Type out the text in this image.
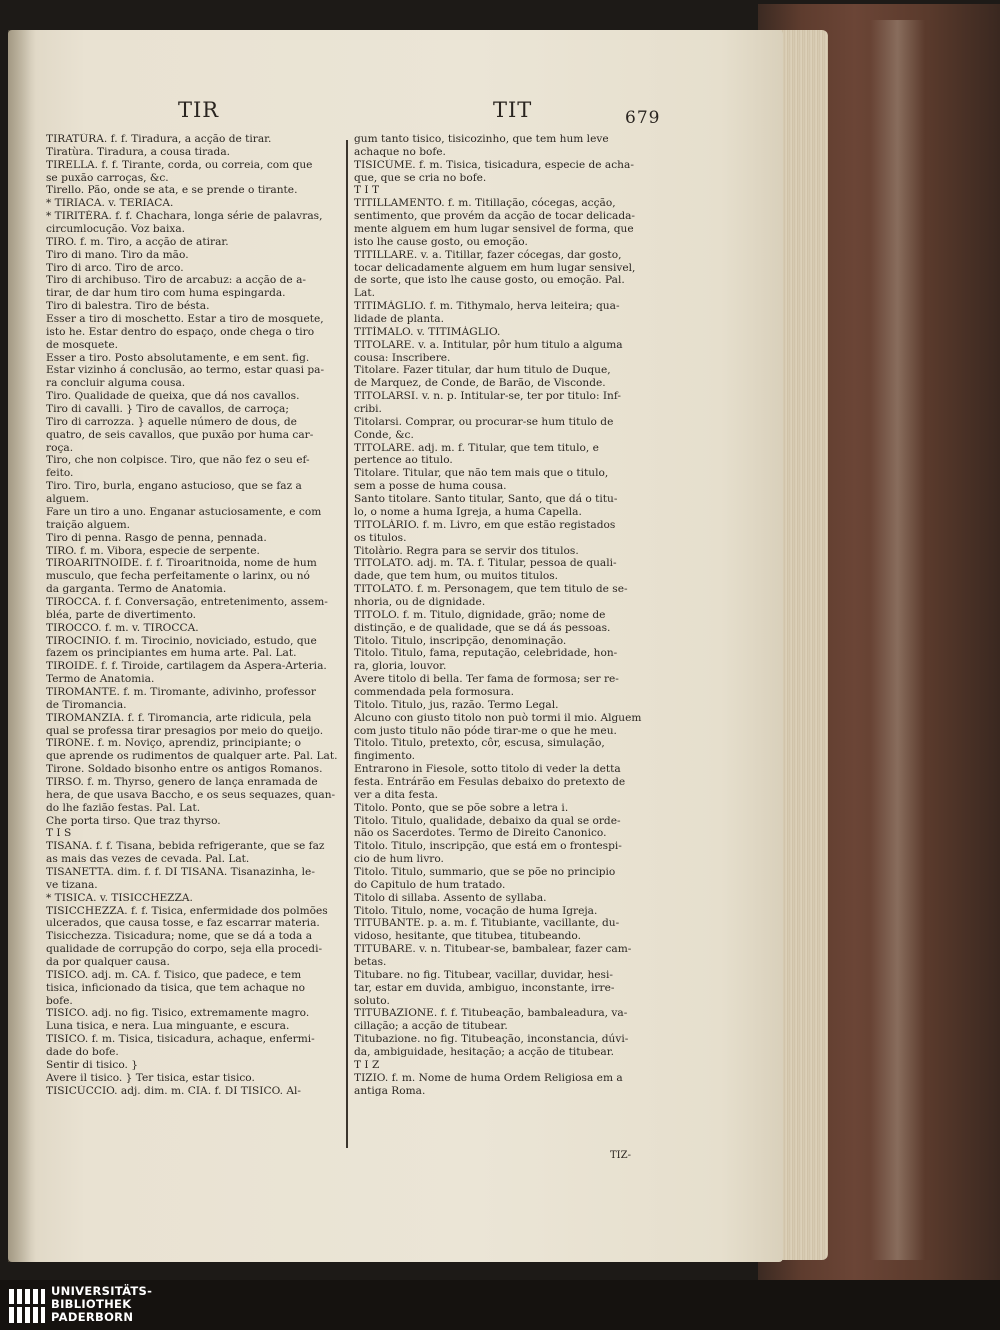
TIR	TIT	679
TIRATÙRA. f. f. Tiradura, a acção de tirar.
Tiratùra. Tiradura, a cousa tirada.
TIRELLA. f. f. Tirante, corda, ou correia, com que
se puxão carroças, &c.
Tirello. Pão, onde se ata, e se prende o tirante.
* TIRIACA. v. TERIACA.
* TIRITÈRA. f. f. Chachara, longa série de palavras,
circumlocução. Voz baixa.
TIRO. f. m. Tiro, a acção de atirar.
Tiro di mano. Tiro da mão.
Tiro di arco. Tiro de arco.
Tiro di archibuso. Tiro de arcabuz: a acção de a-
tirar, de dar hum tiro com huma espingarda.
Tiro di balestra. Tiro de bésta.
Esser a tiro di moschetto. Estar a tiro de mosquete,
isto he. Estar dentro do espaço, onde chega o tiro
de mosquete.
Esser a tiro. Posto absolutamente, e em sent. fig.
Estar vizinho á conclusão, ao termo, estar quasi pa-
ra concluir alguma cousa.
Tiro. Qualidade de queixa, que dá nos cavallos.
Tiro di cavalli. } Tiro de cavallos, de carroça;
Tiro di carrozza. } aquelle número de dous, de
quatro, de seis cavallos, que puxão por huma car-
roça.
Tiro, che non colpisce. Tiro, que não fez o seu ef-
feito.
Tiro. Tiro, burla, engano astucioso, que se faz a
alguem.
Fare un tiro a uno. Enganar astuciosamente, e com
traição alguem.
Tiro di penna. Rasgo de penna, pennada.
TIRO. f. m. Vibora, especie de serpente.
TIROARITNOIDE. f. f. Tiroaritnoida, nome de hum
musculo, que fecha perfeitamente o larinx, ou nó
da garganta. Termo de Anatomia.
TIROCCA. f. f. Conversação, entretenimento, assem-
bléa, parte de divertimento.
TIROCCO. f. m. v. TIROCCA.
TIROCINIO. f. m. Tirocinio, noviciado, estudo, que
fazem os principiantes em huma arte. Pal. Lat.
TIROIDE. f. f. Tiroide, cartilagem da Aspera-Arteria.
Termo de Anatomia.
TIROMANTE. f. m. Tiromante, adivinho, professor
de Tiromancia.
TIROMANZIA. f. f. Tiromancia, arte ridicula, pela
qual se professa tirar presagios por meio do queijo.
TIRONE. f. m. Noviço, aprendiz, principiante; o
que aprende os rudimentos de qualquer arte. Pal. Lat.
Tirone. Soldado bisonho entre os antigos Romanos.
TIRSO. f. m. Thyrso, genero de lança enramada de
hera, de que usava Baccho, e os seus sequazes, quan-
do lhe fazião festas. Pal. Lat.
Che porta tirso. Que traz thyrso.
T I S
TISANA. f. f. Tisana, bebida refrigerante, que se faz
as mais das vezes de cevada. Pal. Lat.
TISANETTA. dim. f. f. DI TISANA. Tisanazinha, le-
ve tizana.
* TISICA. v. TISICCHEZZA.
TISICCHEZZA. f. f. Tisica, enfermidade dos polmões
ulcerados, que causa tosse, e faz escarrar materia.
Tisicchezza. Tisicadura; nome, que se dá a toda a
qualidade de corrupção do corpo, seja ella procedi-
da por qualquer causa.
TISICO. adj. m. CA. f. Tisico, que padece, e tem
tisica, inficionado da tisica, que tem achaque no
bofe.
TISICO. adj. no fig. Tisico, extremamente magro.
Luna tisica, e nera. Lua minguante, e escura.
TISICO. f. m. Tisica, tisicadura, achaque, enfermi-
dade do bofe.
Sentir di tisico. }
Avere il tisico. } Ter tisica, estar tisico.
TISICÙCCIO. adj. dim. m. CIA. f. DI TISICO. Al-
gum tanto tisico, tisicozinho, que tem hum leve
achaque no bofe.
TISICÙME. f. m. Tisica, tisicadura, especie de acha-
que, que se cria no bofe.
T I T
TITILLAMENTO. f. m. Titillação, cócegas, acção,
sentimento, que provém da acção de tocar delicada-
mente alguem em hum lugar sensivel de forma, que
isto lhe cause gosto, ou emoção.
TITILLARE. v. a. Titillar, fazer cócegas, dar gosto,
tocar delicadamente alguem em hum lugar sensivel,
de sorte, que isto lhe cause gosto, ou emoção. Pal.
Lat.
TITIMÀGLIO. f. m. Tithymalo, herva leiteira; qua-
lidade de planta.
TITÌMALO. v. TITIMÀGLIO.
TITOLARE. v. a. Intitular, pôr hum titulo a alguma
cousa: Inscribere.
Titolare. Fazer titular, dar hum titulo de Duque,
de Marquez, de Conde, de Barão, de Visconde.
TITOLARSI. v. n. p. Intitular-se, ter por titulo: Inf-
cribi.
Titolarsi. Comprar, ou procurar-se hum titulo de
Conde, &c.
TITOLARE. adj. m. f. Titular, que tem titulo, e
pertence ao titulo.
Titolare. Titular, que não tem mais que o titulo,
sem a posse de huma cousa.
Santo titolare. Santo titular, Santo, que dá o titu-
lo, o nome a huma Igreja, a huma Capella.
TITOLÀRIO. f. m. Livro, em que estão registados
os titulos.
Titolàrio. Regra para se servir dos titulos.
TITOLATO. adj. m. TA. f. Titular, pessoa de quali-
dade, que tem hum, ou muitos titulos.
TITOLATO. f. m. Personagem, que tem titulo de se-
nhoria, ou de dignidade.
TITOLO. f. m. Titulo, dignidade, grão; nome de
distinção, e de qualidade, que se dá ás pessoas.
Titolo. Titulo, inscripção, denominação.
Titolo. Titulo, fama, reputação, celebridade, hon-
ra, gloria, louvor.
Avere titolo di bella. Ter fama de formosa; ser re-
commendada pela formosura.
Titolo. Titulo, jus, razão. Termo Legal.
Alcuno con giusto titolo non può tormi il mio. Alguem
com justo titulo não póde tirar-me o que he meu.
Titolo. Titulo, pretexto, côr, escusa, simulação,
fingimento.
Entrarono in Fiesole, sotto titolo di veder la detta
festa. Entrárão em Fesulas debaixo do pretexto de
ver a dita festa.
Titolo. Ponto, que se põe sobre a letra i.
Titolo. Titulo, qualidade, debaixo da qual se orde-
não os Sacerdotes. Termo de Direito Canonico.
Titolo. Titulo, inscripção, que está em o frontespi-
cio de hum livro.
Titolo. Titulo, summario, que se põe no principio
do Capitulo de hum tratado.
Titolo di sillaba. Assento de syllaba.
Titolo. Titulo, nome, vocação de huma Igreja.
TITUBANTE. p. a. m. f. Titubiante, vacillante, du-
vidoso, hesitante, que titubea, titubeando.
TITUBARE. v. n. Titubear-se, bambalear, fazer cam-
betas.
Titubare. no fig. Titubear, vacillar, duvidar, hesi-
tar, estar em duvida, ambiguo, inconstante, irre-
soluto.
TITUBAZIONE. f. f. Titubeação, bambaleadura, va-
cillação; a acção de titubear.
Titubazione. no fig. Titubeação, inconstancia, dúvi-
da, ambiguidade, hesitação; a acção de titubear.
T I Z
TIZIO. f. m. Nome de huma Ordem Religiosa em a
antiga Roma.
TIZ-
UNIVERSITÄTS-
BIBLIOTHEK
PADERBORN
